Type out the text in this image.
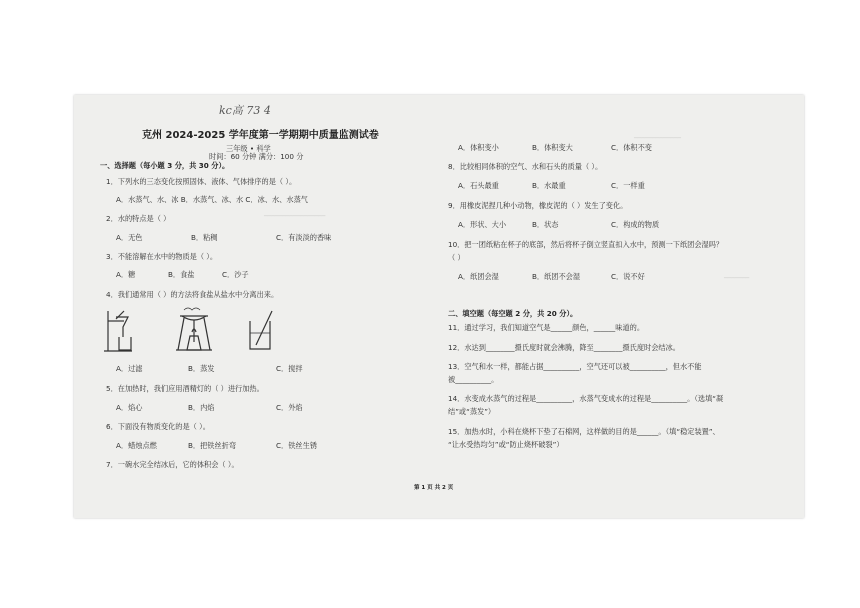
─────────────────
─────────────
───────
kc高 73 4
克州 2024-2025 学年度第一学期期中质量监测试卷
三年级 • 科学
时间：60 分钟 满分：100 分
一、选择题（每小题 3 分，共 30 分）。
1．下列水的三态变化按照固体、液体、气体排序的是（ ）。
A．水蒸气、水、冰 B．水蒸气、冰、水 C．冰、水、水蒸气
2．水的特点是（ ）
A．无色	B．粘稠	C．有淡淡的香味
3．不能溶解在水中的物质是（ ）。
A．糖	B．食盐	C．沙子
4．我们通常用（ ）的方法将食盐从盐水中分离出来。
A．过滤	B．蒸发	C．搅拌
5．在加热时，我们应用酒精灯的（ ）进行加热。
A．焰心	B．内焰	C．外焰
6．下面没有物质变化的是（ ）。
A．蜡烛点燃	B．把铁丝折弯	C．铁丝生锈
7．一碗水完全结冰后，它的体积会（ ）。
A．体积变小	B．体积变大	C．体积不变
8．比较相同体积的空气、水和石头的质量（ ）。
A．石头最重	B．水最重	C．一样重
9．用橡皮泥捏几种小动物，橡皮泥的（ ）发生了变化。
A．形状、大小	B．状态	C．构成的物质
10．把一团纸粘在杯子的底部，然后将杯子倒立竖直扣入水中，预测一下纸团会湿吗？
（ ）
A．纸团会湿	B．纸团不会湿	C．说不好
二、填空题（每空题 2 分，共 20 分）。
11．通过学习，我们知道空气是______颜色，______味道的。
12．水达到________摄氏度时就会沸腾，降至________摄氏度时会结冰。
13．空气和水一样，都能占据__________，空气还可以被__________，但水不能
被__________。
14．水变成水蒸气的过程是__________，水蒸气变成水的过程是__________。（选填“凝
结”或“蒸发”）
15．加热水时，小科在烧杯下垫了石棉网，这样做的目的是______。（填“稳定装置”、
“让水受热均匀”或“防止烧杯破裂”）
第 1 页 共 2 页
